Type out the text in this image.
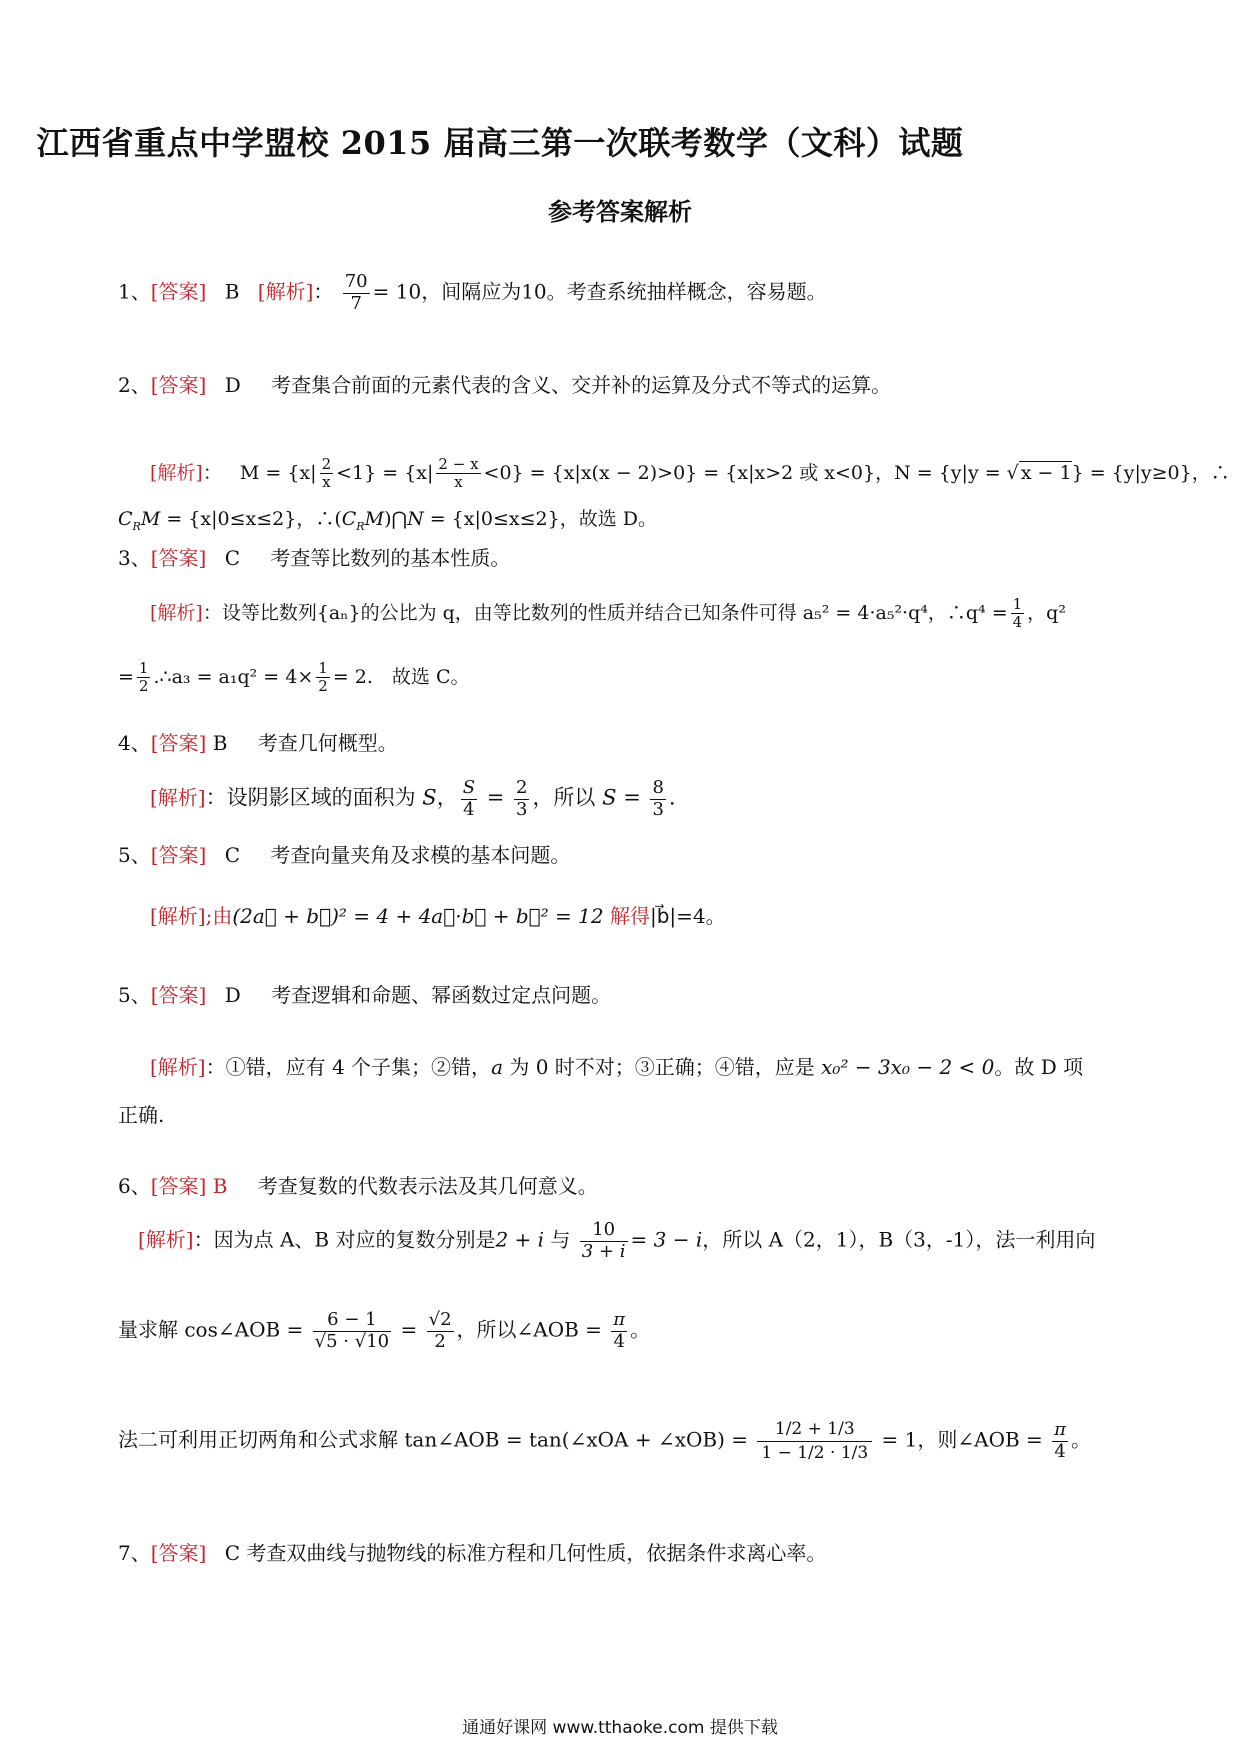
江西省重点中学盟校 2015 届高三第一次联考数学（文科）试题
参考答案解析
1、[答案] B [解析]： $\frac{70}{7} = 10$，间隔应为10。考查系统抽样概念，容易题。
2、[答案] D 考查集合前面的元素代表的含义、交并补的运算及分式不等式的运算。
[解析]： $M = \{x| \frac{2}{x} <1\} = \{x| \frac{2 - x}{x} <0\} = \{x|x(x - 2)>0\} = \{x|x>2$ 或 x<0}，N = {y|y = √ x − 1} = {y|y≥0}，∴
$C_RM = \{x|0\le x\le 2\}$，$\therefore(C_RM)⋂N = \{x|0\le x\le 2\}$，故选 D。
3、[答案] C 考查等比数列的基本性质。
[解析]：设等比数列{aₙ}的公比为 q，由等比数列的性质并结合已知条件可得 a₅² = 4·a₅²·q⁴，∴q⁴ = $\frac{1}{4}$ ，q²
= $\frac{1}{2}$ .∴a₃ = $a_1q^2 = 4\times \frac{1}{2} = 2$.　故选 C。
4、[答案] B 考查几何概型。
[解析]：设阴影区域的面积为 S， $\frac{S}{4} = \frac{2}{3}$ ，所以 $S = \frac{8}{3}$ .
5、[答案] C 考查向量夹角及求模的基本问题。
[解析];由(2a⃗ + b⃗)² = 4 + 4a⃗·b⃗ + b⃗² = 12 解得|b⃗|=4。
5、[答案] D 考查逻辑和命题、幂函数过定点问题。
[解析]：①错，应有 4 个子集；②错，a 为 0 时不对；③正确；④错，应是 x₀² − 3x₀ − 2 < 0。故 D 项
正确.
6、[答案] B 考查复数的代数表示法及其几何意义。
[解析]：因为点 A、B 对应的复数分别是2 + i 与 $\frac{10}{3 + i} = 3 - i$，所以 A（2，1），B（3，-1），法一利用向
量求解 cos∠AOB = $\frac{6 - 1}{√5 \cdot √10} = \frac{√2}{2}$ ，所以∠AOB = $\frac{\pi}{4}$ 。
法二可利用正切两角和公式求解 tan∠AOB = tan(∠xOA + ∠xOB) = $\frac{1/2 + 1/3}{1 - 1/2 \cdot 1/3} = 1$，则∠AOB = $\frac{\pi}{4}$ 。
7、[答案] C 考查双曲线与抛物线的标准方程和几何性质，依据条件求离心率。
通通好课网 www.tthaoke.com 提供下载
